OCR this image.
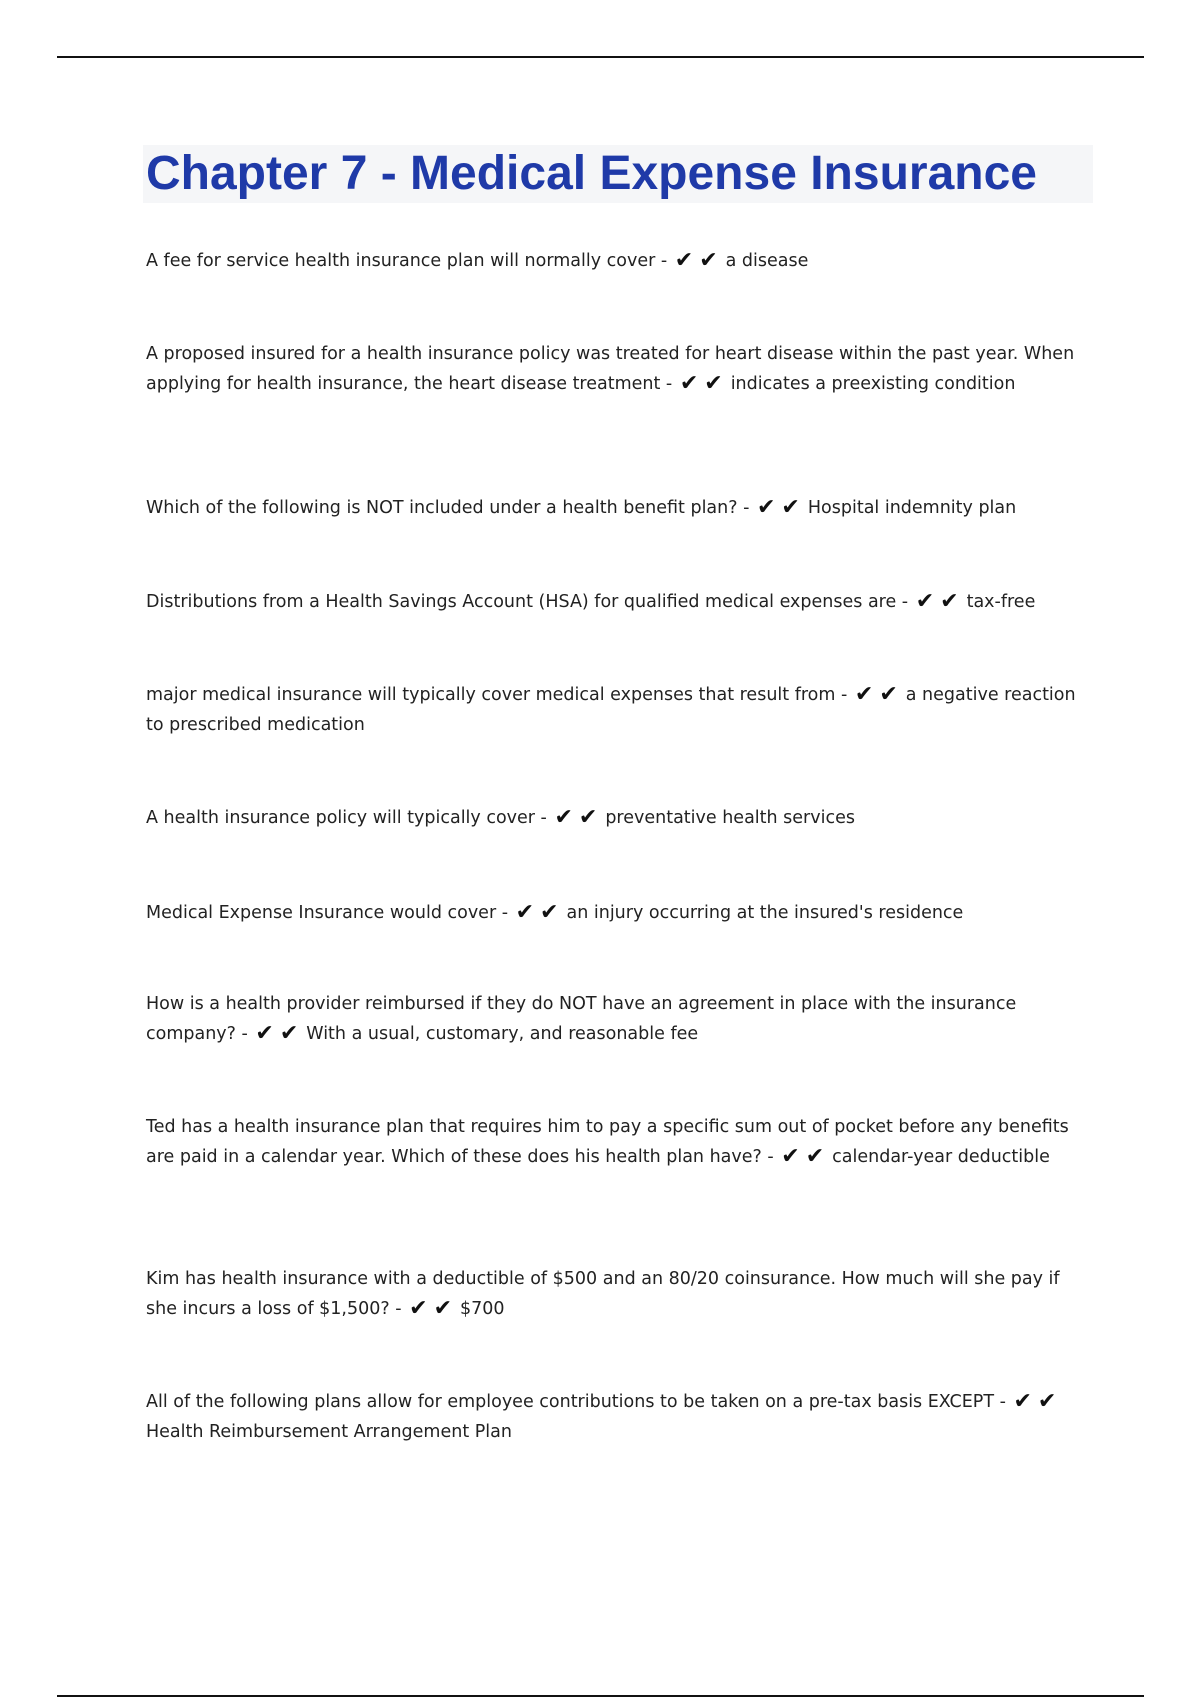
Chapter 7 - Medical Expense Insurance

A fee for service health insurance plan will normally cover - ✔✔ a disease

A proposed insured for a health insurance policy was treated for heart disease within the past year. When applying for health insurance, the heart disease treatment - ✔✔ indicates a preexisting condition

Which of the following is NOT included under a health benefit plan? - ✔✔ Hospital indemnity plan

Distributions from a Health Savings Account (HSA) for qualified medical expenses are - ✔✔ tax-free

major medical insurance will typically cover medical expenses that result from - ✔✔ a negative reaction to prescribed medication

A health insurance policy will typically cover - ✔✔ preventative health services

Medical Expense Insurance would cover - ✔✔ an injury occurring at the insured's residence

How is a health provider reimbursed if they do NOT have an agreement in place with the insurance company? - ✔✔ With a usual, customary, and reasonable fee

Ted has a health insurance plan that requires him to pay a specific sum out of pocket before any benefits are paid in a calendar year. Which of these does his health plan have? - ✔✔ calendar-year deductible

Kim has health insurance with a deductible of $500 and an 80/20 coinsurance. How much will she pay if she incurs a loss of $1,500? - ✔✔ $700

All of the following plans allow for employee contributions to be taken on a pre-tax basis EXCEPT - ✔✔Health Reimbursement Arrangement Plan
